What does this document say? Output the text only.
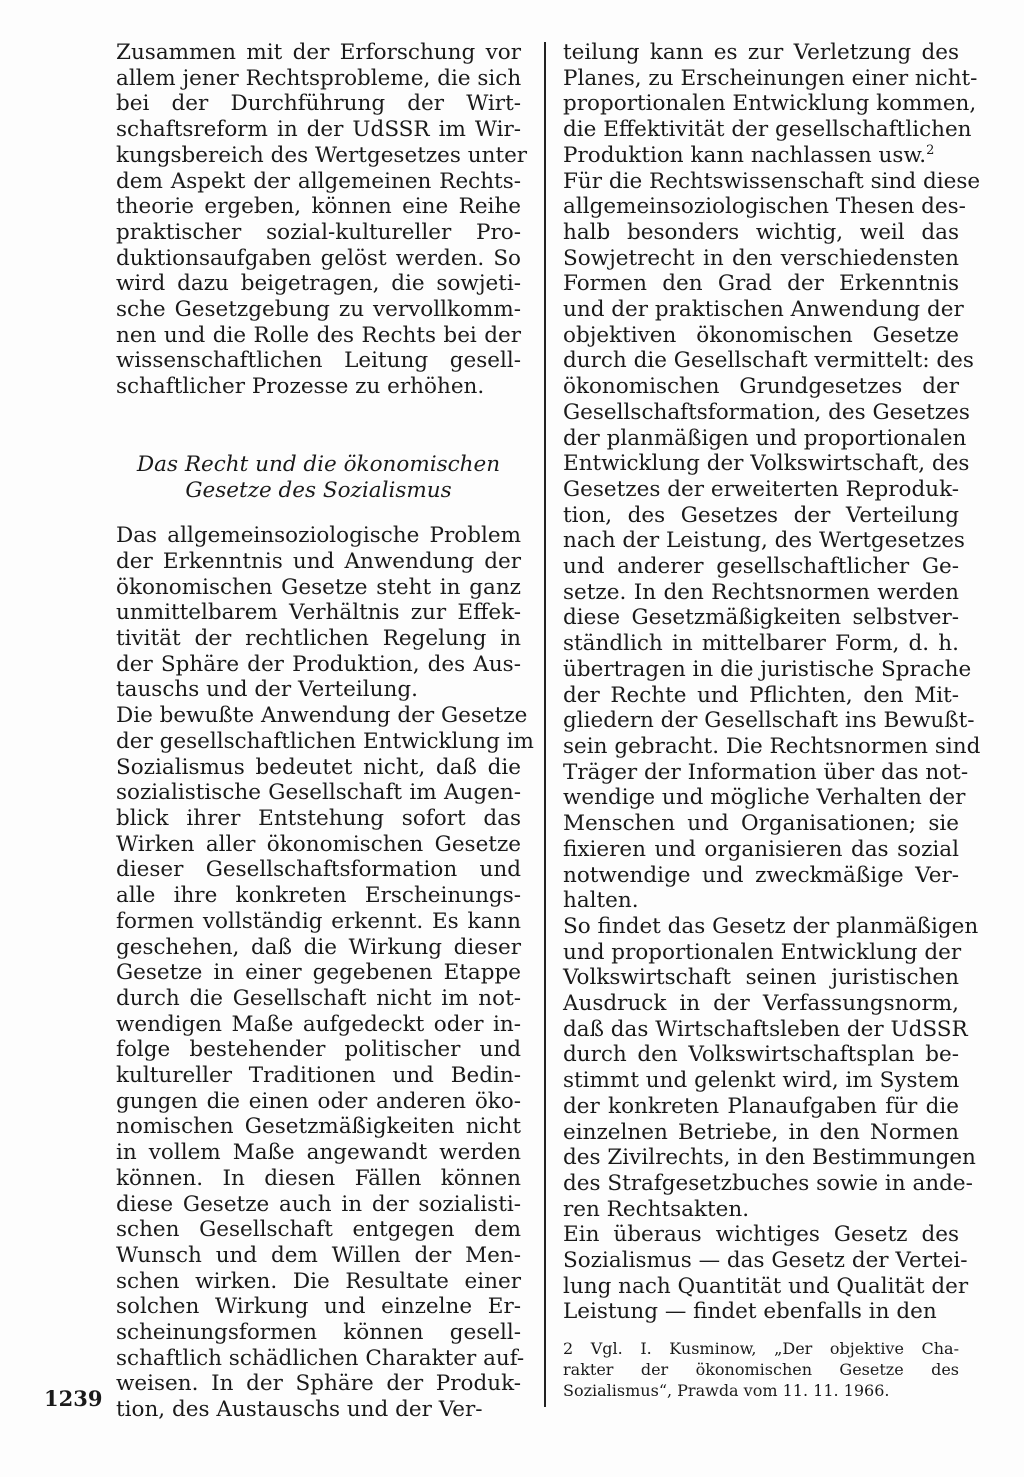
Zusammen mit der Erforschung vor
allem jener Rechtsprobleme, die sich
bei der Durchführung der Wirt-
schaftsreform in der UdSSR im Wir-
kungsbereich des Wertgesetzes unter
dem Aspekt der allgemeinen Rechts-
theorie ergeben, können eine Reihe
praktischer sozial-kultureller Pro-
duktionsaufgaben gelöst werden. So
wird dazu beigetragen, die sowjeti-
sche Gesetzgebung zu vervollkomm-
nen und die Rolle des Rechts bei der
wissenschaftlichen Leitung gesell-
schaftlicher Prozesse zu erhöhen.

Das Recht und die ökonomischen
Gesetze des Sozialismus

Das allgemeinsoziologische Problem
der Erkenntnis und Anwendung der
ökonomischen Gesetze steht in ganz
unmittelbarem Verhältnis zur Effek-
tivität der rechtlichen Regelung in
der Sphäre der Produktion, des Aus-
tauschs und der Verteilung.

Die bewußte Anwendung der Gesetze
der gesellschaftlichen Entwicklung im
Sozialismus bedeutet nicht, daß die
sozialistische Gesellschaft im Augen-
blick ihrer Entstehung sofort das
Wirken aller ökonomischen Gesetze
dieser Gesellschaftsformation und
alle ihre konkreten Erscheinungs-
formen vollständig erkennt. Es kann
geschehen, daß die Wirkung dieser
Gesetze in einer gegebenen Etappe
durch die Gesellschaft nicht im not-
wendigen Maße aufgedeckt oder in-
folge bestehender politischer und
kultureller Traditionen und Bedin-
gungen die einen oder anderen öko-
nomischen Gesetzmäßigkeiten nicht
in vollem Maße angewandt werden
können. In diesen Fällen können
diese Gesetze auch in der sozialisti-
schen Gesellschaft entgegen dem
Wunsch und dem Willen der Men-
schen wirken. Die Resultate einer
solchen Wirkung und einzelne Er-
scheinungsformen können gesell-
schaftlich schädlichen Charakter auf-
weisen. In der Sphäre der Produk-
tion, des Austauschs und der Ver-

teilung kann es zur Verletzung des
Planes, zu Erscheinungen einer nicht-
proportionalen Entwicklung kommen,
die Effektivität der gesellschaftlichen
Produktion kann nachlassen usw.$^2$

Für die Rechtswissenschaft sind diese
allgemeinsoziologischen Thesen des-
halb besonders wichtig, weil das
Sowjetrecht in den verschiedensten
Formen den Grad der Erkenntnis
und der praktischen Anwendung der
objektiven ökonomischen Gesetze
durch die Gesellschaft vermittelt: des
ökonomischen Grundgesetzes der
Gesellschaftsformation, des Gesetzes
der planmäßigen und proportionalen
Entwicklung der Volkswirtschaft, des
Gesetzes der erweiterten Reproduk-
tion, des Gesetzes der Verteilung
nach der Leistung, des Wertgesetzes
und anderer gesellschaftlicher Ge-
setze. In den Rechtsnormen werden
diese Gesetzmäßigkeiten selbstver-
ständlich in mittelbarer Form, d. h.
übertragen in die juristische Sprache
der Rechte und Pflichten, den Mit-
gliedern der Gesellschaft ins Bewußt-
sein gebracht. Die Rechtsnormen sind
Träger der Information über das not-
wendige und mögliche Verhalten der
Menschen und Organisationen; sie
fixieren und organisieren das sozial
notwendige und zweckmäßige Ver-
halten.

So findet das Gesetz der planmäßigen
und proportionalen Entwicklung der
Volkswirtschaft seinen juristischen
Ausdruck in der Verfassungsnorm,
daß das Wirtschaftsleben der UdSSR
durch den Volkswirtschaftsplan be-
stimmt und gelenkt wird, im System
der konkreten Planaufgaben für die
einzelnen Betriebe, in den Normen
des Zivilrechts, in den Bestimmungen
des Strafgesetzbuches sowie in ande-
ren Rechtsakten.

Ein überaus wichtiges Gesetz des
Sozialismus — das Gesetz der Vertei-
lung nach Quantität und Qualität der
Leistung — findet ebenfalls in den

2 Vgl. I. Kusminow, „Der objektive Cha-
rakter der ökonomischen Gesetze des
Sozialismus“, Prawda vom 11. 11. 1966.

1239
